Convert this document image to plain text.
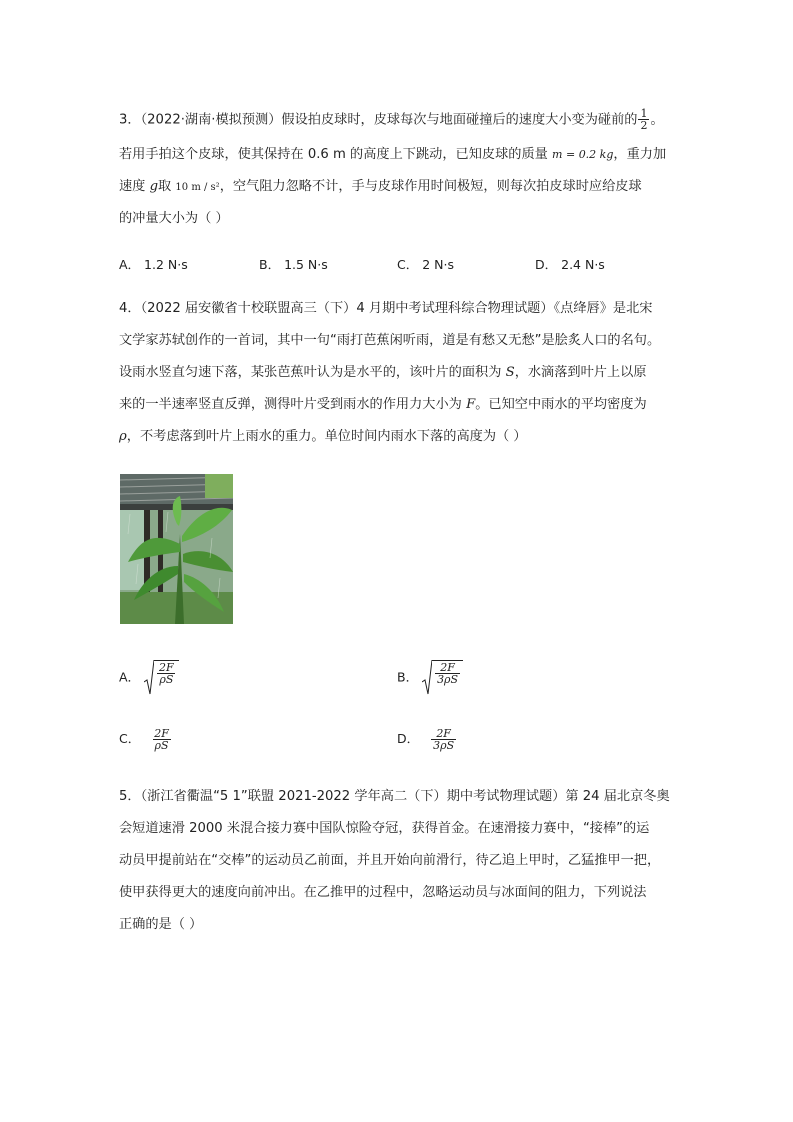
3．（2022·湖南·模拟预测）假设拍皮球时，皮球每次与地面碰撞后的速度大小变为碰前的 $\frac{1}{2}$ 。
若用手拍这个皮球，使其保持在 0.6 m 的高度上下跳动，已知皮球的质量 m = 0.2 kg，重力加
速度 g取 10 m / s²，空气阻力忽略不计，手与皮球作用时间极短，则每次拍皮球时应给皮球
的冲量大小为（ ）
A． 1.2 N·s	B． 1.5 N·s	C． 2 N·s	D． 2.4 N·s
4．（2022 届安徽省十校联盟高三（下）4 月期中考试理科综合物理试题）《点绛唇》是北宋
文学家苏轼创作的一首词，其中一句“雨打芭蕉闲听雨，道是有愁又无愁”是脍炙人口的名句。
设雨水竖直匀速下落，某张芭蕉叶认为是水平的，该叶片的面积为 S，水滴落到叶片上以原
来的一半速率竖直反弹，测得叶片受到雨水的作用力大小为 F。已知空中雨水的平均密度为
ρ，不考虑落到叶片上雨水的重力。单位时间内雨水下落的高度为（ ）
A． $\frac{2F}{\rho S}$	B． $\frac{2F}{3\rho S}$
C． $\frac{2F}{\rho S}$	D． $\frac{2F}{3\rho S}$
5．（浙江省衢温“5 1”联盟 2021-2022 学年高二（下）期中考试物理试题）第 24 届北京冬奥
会短道速滑 2000 米混合接力赛中国队惊险夺冠，获得首金。在速滑接力赛中，“接棒”的运
动员甲提前站在“交棒”的运动员乙前面，并且开始向前滑行，待乙追上甲时，乙猛推甲一把，
使甲获得更大的速度向前冲出。在乙推甲的过程中，忽略运动员与冰面间的阻力，下列说法
正确的是（ ）
